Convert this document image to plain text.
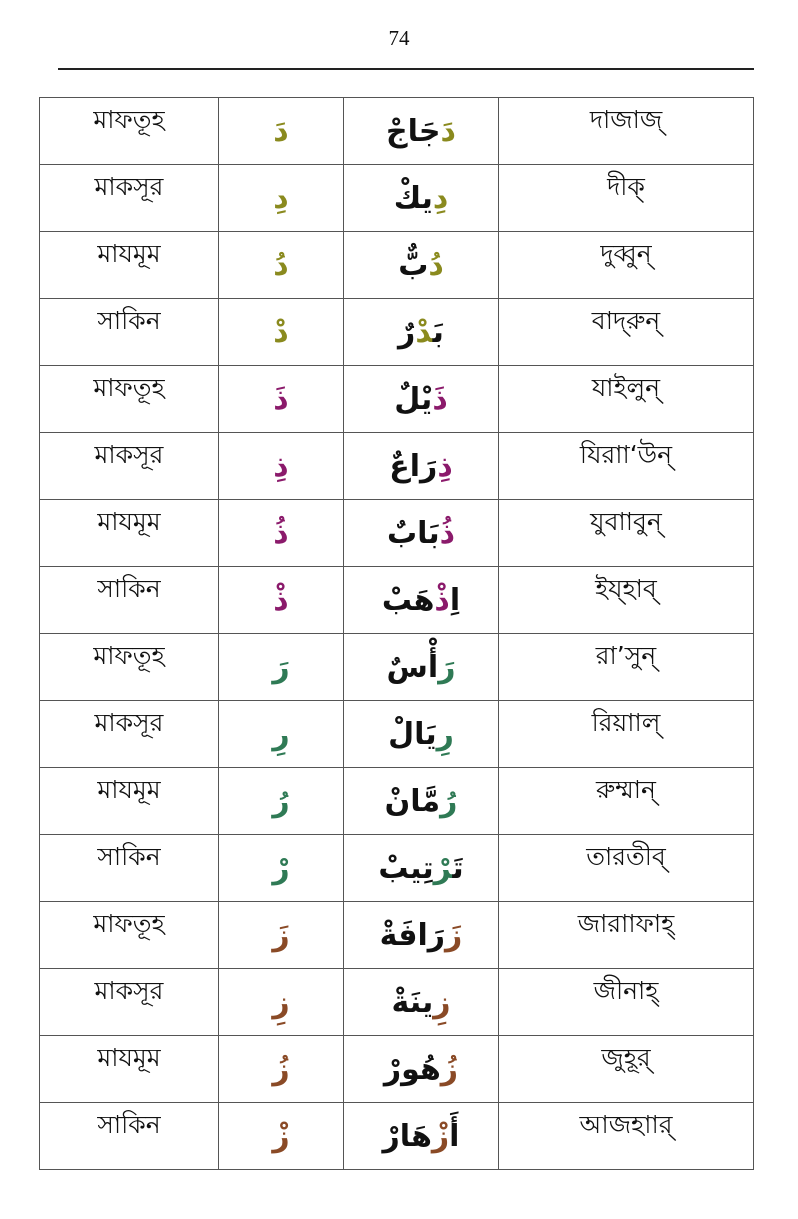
74
মাফতূহ	دَ	دَجَاجْ	দাজাজ্
মাকসূর	دِ	دِيكْ	দীক্
মাযমূম	دُ	دُبٌّ	দুব্বুন্
সাকিন	دْ	بَدْرٌ	বাদ্‌রুন্
মাফতূহ	ذَ	ذَيْلٌ	যাইলুন্
মাকসূর	ذِ	ذِرَاعٌ	যিরাা‘উন্
মাযমূম	ذُ	ذُبَابٌ	যুবাাবুন্
সাকিন	ذْ	اِذْهَبْ	ইয্‌হাব্
মাফতূহ	رَ	رَأْسٌ	রা’সুন্
মাকসূর	رِ	رِيَالْ	রিয়াাল্
মাযমূম	رُ	رُمَّانْ	রুম্মান্
সাকিন	رْ	تَرْتِيبْ	তারতীব্
মাফতূহ	زَ	زَرَافَةْ	জারাাফাহ্
মাকসূর	زِ	زِينَةْ	জীনাহ্
মাযমূম	زُ	زُهُورْ	জুহূর্
সাকিন	زْ	أَزْهَارْ	আজহাার্
